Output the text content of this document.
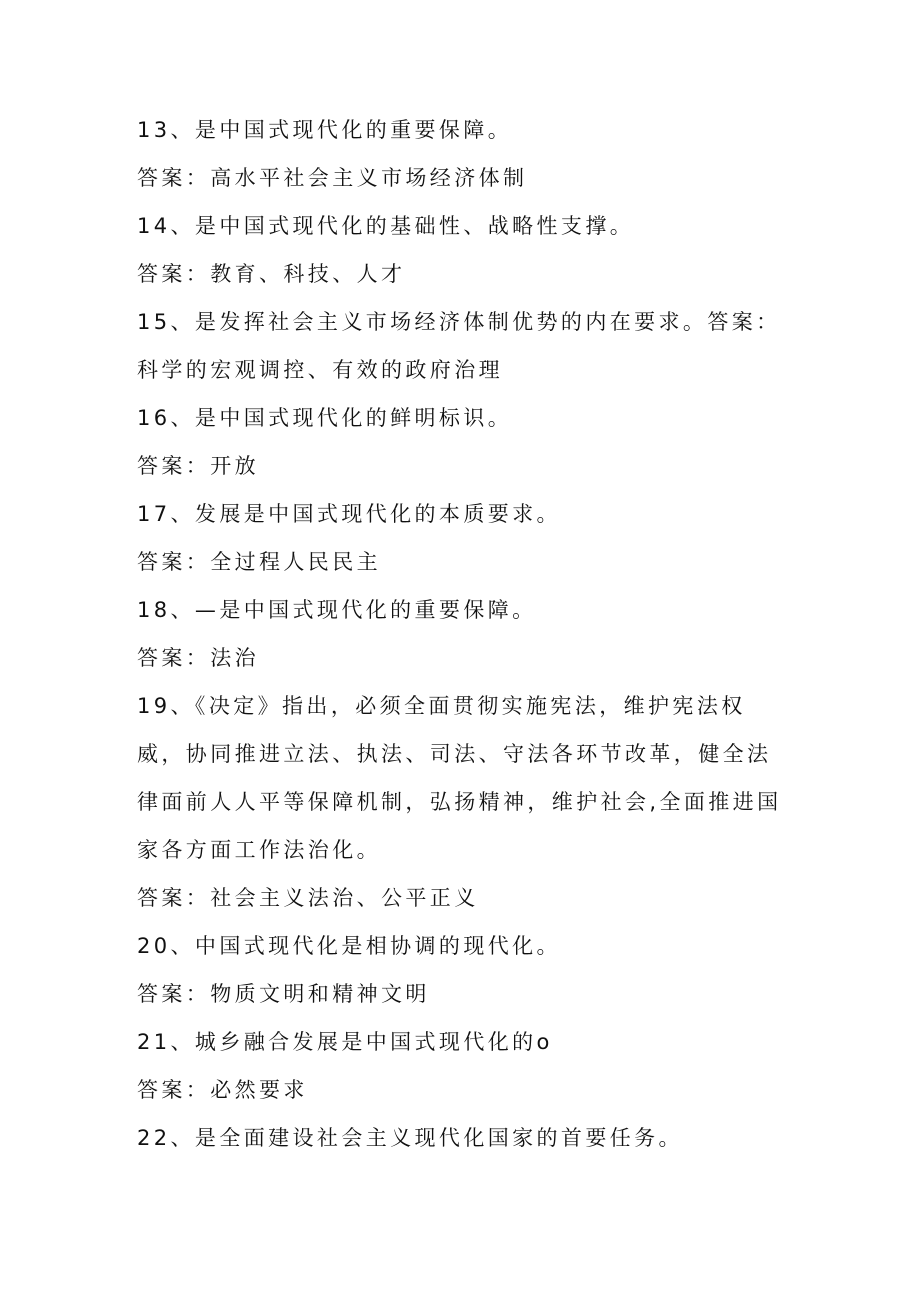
13、是中国式现代化的重要保障。

答案：高水平社会主义市场经济体制

14、是中国式现代化的基础性、战略性支撑。

答案：教育、科技、人才

15、是发挥社会主义市场经济体制优势的内在要求。答案：科学的宏观调控、有效的政府治理

16、是中国式现代化的鲜明标识。

答案：开放

17、发展是中国式现代化的本质要求。

答案：全过程人民民主

18、—是中国式现代化的重要保障。

答案：法治

19、《决定》指出，必须全面贯彻实施宪法，维护宪法权威，协同推进立法、执法、司法、守法各环节改革，健全法律面前人人平等保障机制，弘扬精神，维护社会,全面推进国家各方面工作法治化。

答案：社会主义法治、公平正义

20、中国式现代化是相协调的现代化。

答案：物质文明和精神文明

21、城乡融合发展是中国式现代化的o

答案：必然要求

22、是全面建设社会主义现代化国家的首要任务。
